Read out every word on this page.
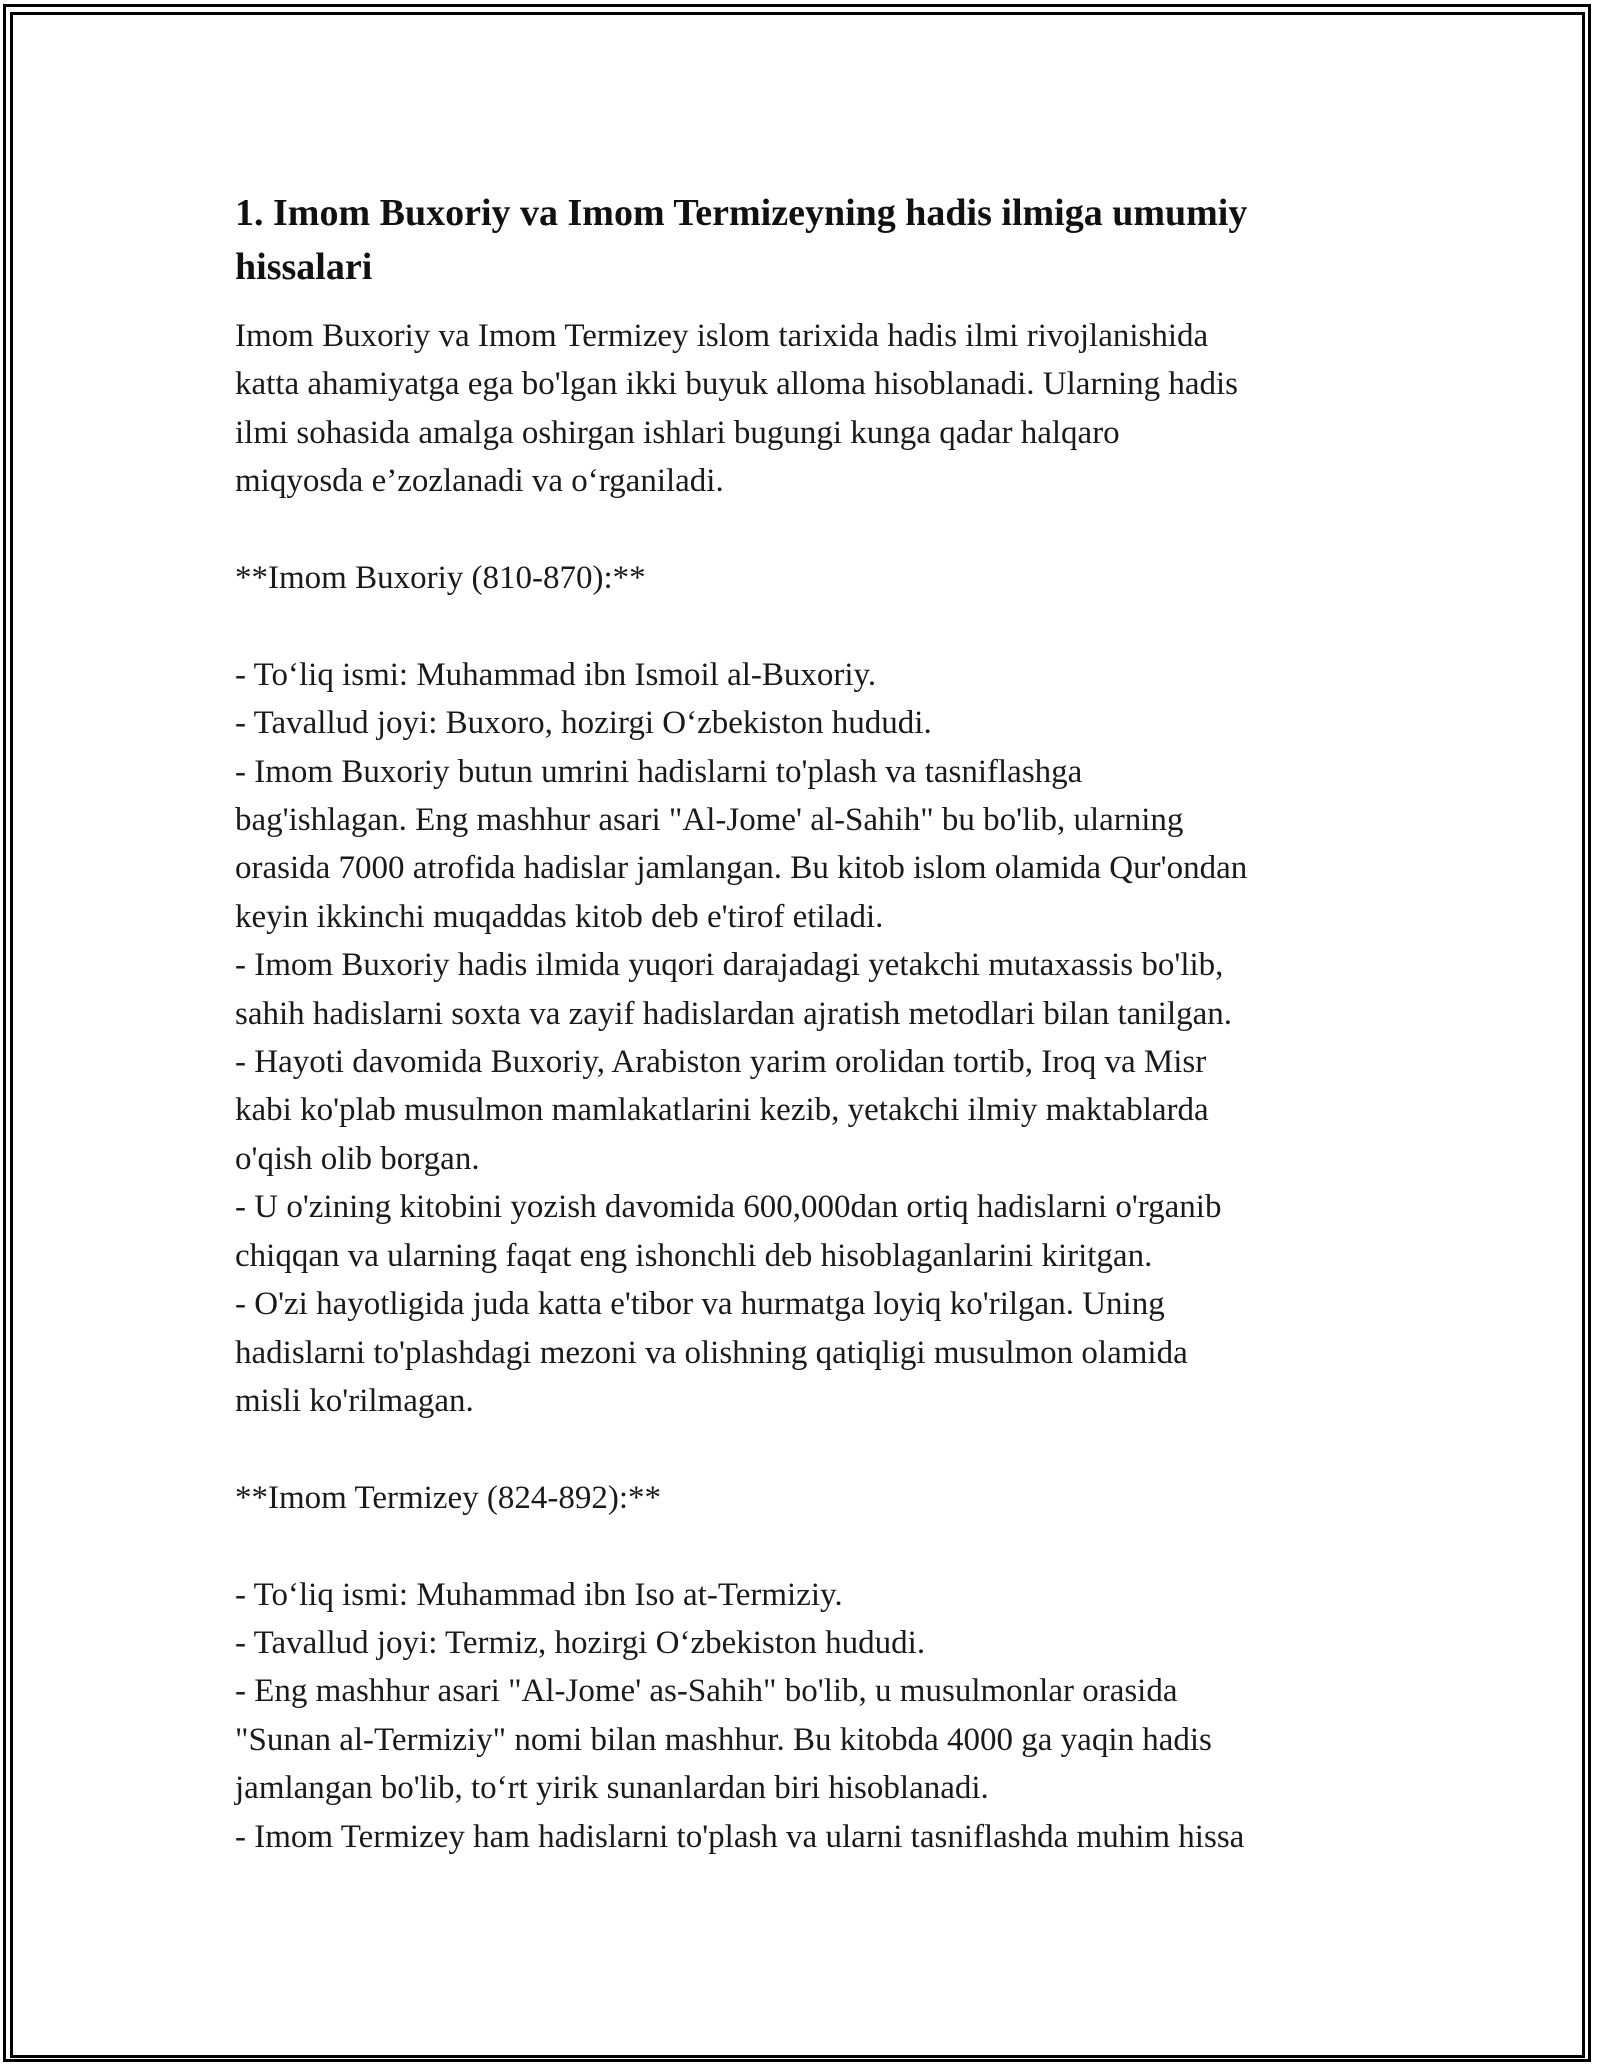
1. Imom Buxoriy va Imom Termizeyning hadis ilmiga umumiy
hissalari
Imom Buxoriy va Imom Termizey islom tarixida hadis ilmi rivojlanishida
katta ahamiyatga ega bo'lgan ikki buyuk alloma hisoblanadi. Ularning hadis
ilmi sohasida amalga oshirgan ishlari bugungi kunga qadar halqaro
miqyosda e’zozlanadi va o‘rganiladi.
**Imom Buxoriy (810-870):**
- To‘liq ismi: Muhammad ibn Ismoil al-Buxoriy.
- Tavallud joyi: Buxoro, hozirgi O‘zbekiston hududi.
- Imom Buxoriy butun umrini hadislarni to'plash va tasniflashga
bag'ishlagan. Eng mashhur asari "Al-Jome' al-Sahih" bu bo'lib, ularning
orasida 7000 atrofida hadislar jamlangan. Bu kitob islom olamida Qur'ondan
keyin ikkinchi muqaddas kitob deb e'tirof etiladi.
- Imom Buxoriy hadis ilmida yuqori darajadagi yetakchi mutaxassis bo'lib,
sahih hadislarni soxta va zayif hadislardan ajratish metodlari bilan tanilgan.
- Hayoti davomida Buxoriy, Arabiston yarim orolidan tortib, Iroq va Misr
kabi ko'plab musulmon mamlakatlarini kezib, yetakchi ilmiy maktablarda
o'qish olib borgan.
- U o'zining kitobini yozish davomida 600,000dan ortiq hadislarni o'rganib
chiqqan va ularning faqat eng ishonchli deb hisoblaganlarini kiritgan.
- O'zi hayotligida juda katta e'tibor va hurmatga loyiq ko'rilgan. Uning
hadislarni to'plashdagi mezoni va olishning qatiqligi musulmon olamida
misli ko'rilmagan.
**Imom Termizey (824-892):**
- To‘liq ismi: Muhammad ibn Iso at-Termiziy.
- Tavallud joyi: Termiz, hozirgi O‘zbekiston hududi.
- Eng mashhur asari "Al-Jome' as-Sahih" bo'lib, u musulmonlar orasida
"Sunan al-Termiziy" nomi bilan mashhur. Bu kitobda 4000 ga yaqin hadis
jamlangan bo'lib, to‘rt yirik sunanlardan biri hisoblanadi.
- Imom Termizey ham hadislarni to'plash va ularni tasniflashda muhim hissa
